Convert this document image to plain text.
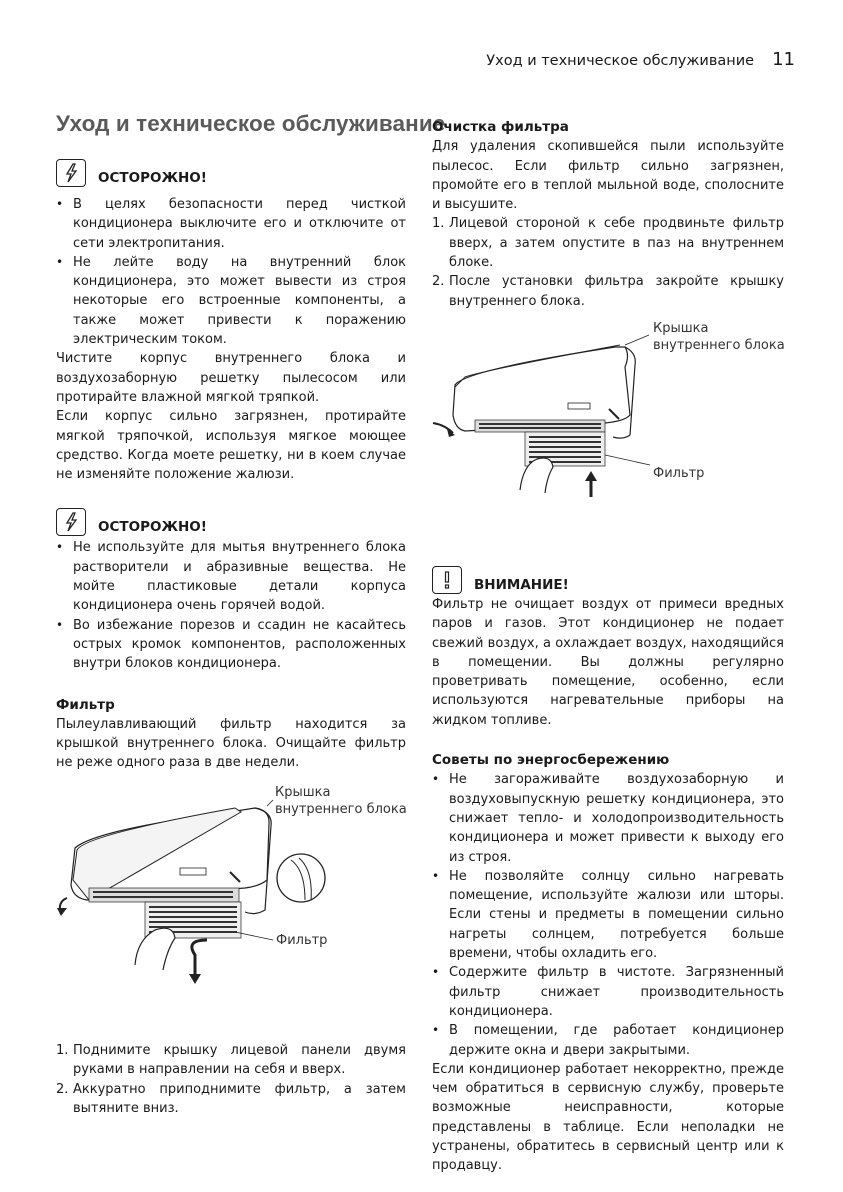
Уход и техническое обслуживание 11
Уход и техническое обслуживание
ОСТОРОЖНО!
• В целях безопасности перед чисткой кондиционера выключите его и отключите от сети электропитания.
• Не лейте воду на внутренний блок кондиционера, это может вывести из строя некоторые его встроенные компоненты, а также может привести к поражению электрическим током.

Чистите корпус внутреннего блока и воздухозаборную решетку пылесосом или протирайте влажной мягкой тряпкой.

Если корпус сильно загрязнен, протирайте мягкой тряпочкой, используя мягкое моющее средство. Когда моете решетку, ни в коем случае не изменяйте положение жалюзи.

ОСТОРОЖНО!
• Не используйте для мытья внутреннего блока растворители и абразивные вещества. Не мойте пластиковые детали корпуса кондиционера очень горячей водой.
• Во избежание порезов и ссадин не касайтесь острых кромок компонентов, расположенных внутри блоков кондиционера.
Фильтр

Пылеулавливающий фильтр находится за крышкой внутреннего блока. Очищайте фильтр не реже одного раза в две недели.

Крышка
внутреннего блока
Фильтр
1. Поднимите крышку лицевой панели двумя руками в направлении на себя и вверх.
2. Аккуратно приподнимите фильтр, а затем вытяните вниз.
Очистка фильтра

Для удаления скопившейся пыли используйте пылесос. Если фильтр сильно загрязнен, промойте его в теплой мыльной воде, сполосните и высушите.

1. Лицевой стороной к себе продвиньте фильтр вверх, а затем опустите в паз на внутреннем блоке.
2. После установки фильтра закройте крышку внутреннего блока.
Крышка
внутреннего блока
Фильтр
ВНИМАНИЕ!

Фильтр не очищает воздух от примеси вредных паров и газов. Этот кондиционер не подает свежий воздух, а охлаждает воздух, находящийся в помещении. Вы должны регулярно проветривать помещение, особенно, если используются нагревательные приборы на жидком топливе.

Советы по энергосбережению
• Не загораживайте воздухозаборную и воздуховыпускную решетку кондиционера, это снижает тепло- и холодопроизводительность кондиционера и может привести к выходу его из строя.
• Не позволяйте солнцу сильно нагревать помещение, используйте жалюзи или шторы. Если стены и предметы в помещении сильно нагреты солнцем, потребуется больше времени, чтобы охладить его.
• Содержите фильтр в чистоте. Загрязненный фильтр снижает производительность кондиционера.
• В помещении, где работает кондиционер держите окна и двери закрытыми.

Если кондиционер работает некорректно, прежде чем обратиться в сервисную службу, проверьте возможные неисправности, которые представлены в таблице. Если неполадки не устранены, обратитесь в сервисный центр или к продавцу.
